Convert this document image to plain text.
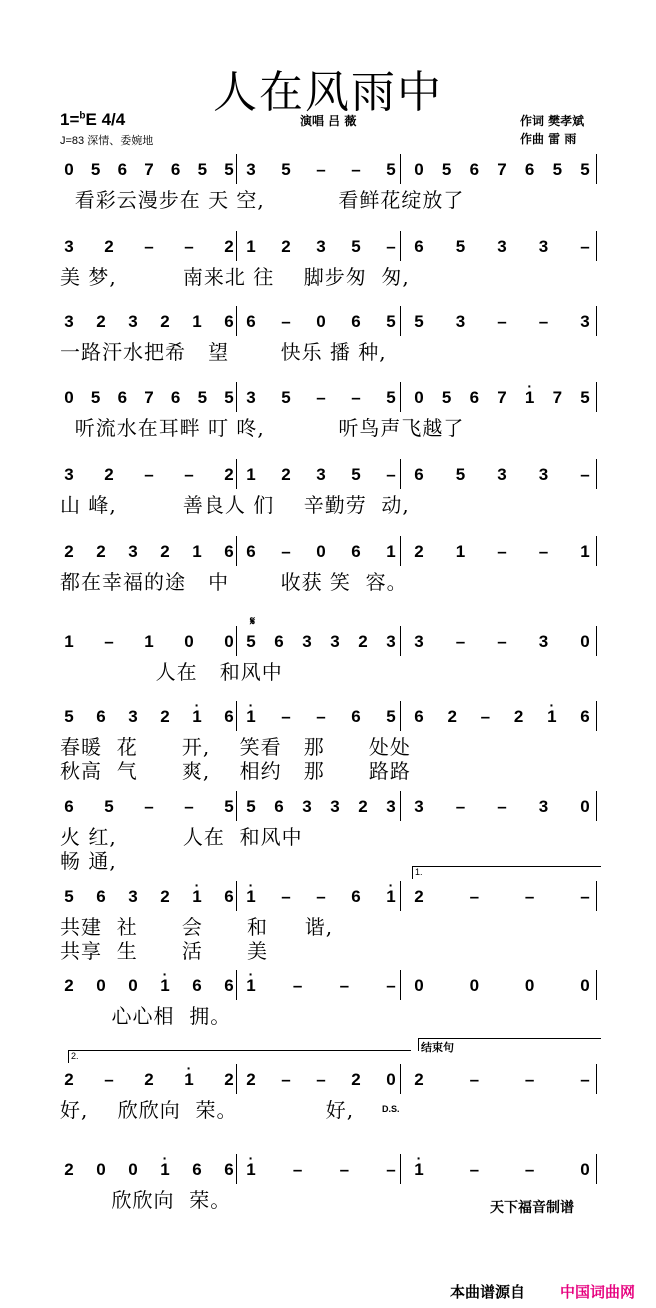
人在风雨中
1=$^b$E 4/4
J=83 深情、委婉地
演唱 吕 薇	作词 樊孝斌
作曲 雷 雨
0 5 6 7 6 5 5 3 5 – – 5 0 5 6 7 6 5 5
看彩云漫步在 天 空,          看鲜花绽放了
3 2 – – 2 1 2 3 5 – 6 5 3 3 –
美 梦,         南来北 往    脚步匆  匆,
3 2 3 2 1 6 6 – 0 6 5 5 3 – – 3
一路汗水把希   望       快乐 播 种,
0 5 6 7 6 5 5 3 5 – – 5 0 5 6 7 · 1 7 5
听流水在耳畔 叮 咚,          听鸟声飞越了
3 2 – – 2 1 2 3 5 – 6 5 3 3 –
山 峰,         善良人 们    辛勤劳  动,
2 2 3 2 1 6 6 – 0 6 1 2 1 – – 1
都在幸福的途   中       收获 笑  容。
1 – 1 0 0 5 6 3 3 2 3 3 – – 3 0
人在   和风中
5 6 3 2 · 1 6 · 1 – – 6 5 6 2 – 2 · 1 6
春暖  花      开,    笑看   那      处处
秋高  气      爽,    相约   那      路路
6 5 – – 5 5 6 3 3 2 3 3 – – 3 0
火 红,         人在  和风中
畅 通,
5 6 3 2 · 1 6 · 1 – – 6 · 1 2	–	–	–
共建  社      会      和     谐,
共享  生      活      美
2 0 0 · 1 6 6 · 1 – – – 0	0	0	0
心心相  拥。
2 – 2 · 1 2 2 – – 2 0 2	–	–	–
好,    欣欣向  荣。            好,
2 0 0 · 1 6 6 · 1 – – – · 1	–	–	0
欣欣向  荣。
1.
2.
结束句
D.S.
𝄋
天下福音制谱
本曲谱源自 中国词曲网
